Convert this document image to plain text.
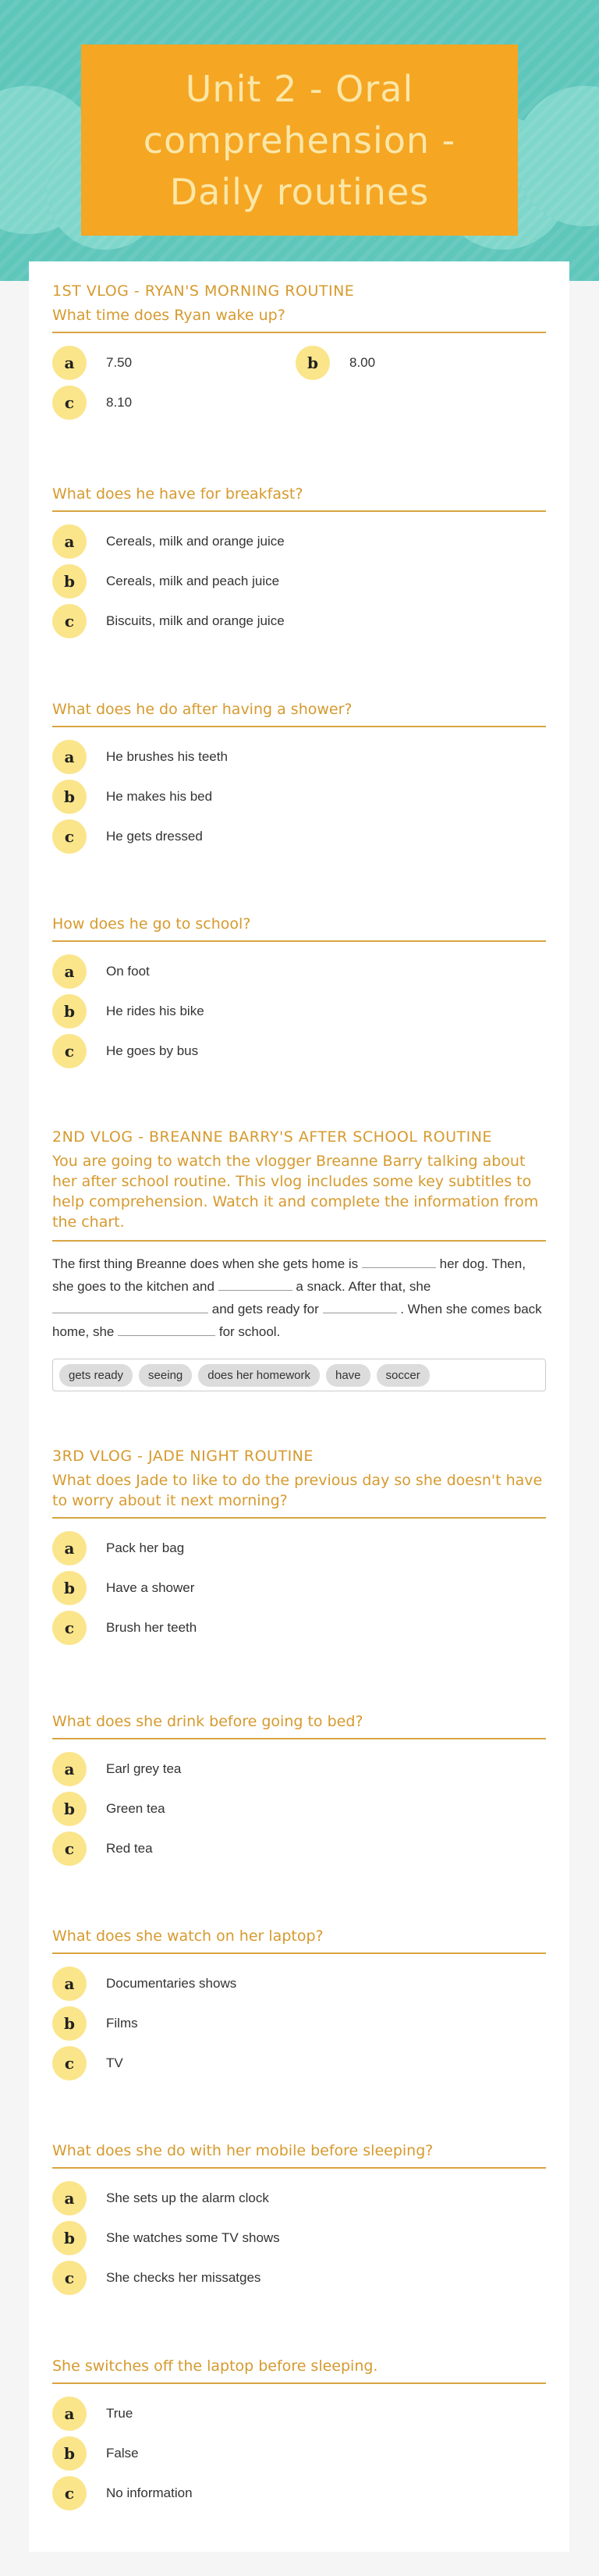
Unit 2 - Oral comprehension - Daily routines
1ST VLOG - RYAN'S MORNING ROUTINE
What time does Ryan wake up?
a	7.50	b	8.00
c	8.10
What does he have for breakfast?
a	Cereals, milk and orange juice
b	Cereals, milk and peach juice
c	Biscuits, milk and orange juice
What does he do after having a shower?
a	He brushes his teeth
b	He makes his bed
c	He gets dressed
How does he go to school?
a	On foot
b	He rides his bike
c	He goes by bus
2ND VLOG - BREANNE BARRY'S AFTER SCHOOL ROUTINE
You are going to watch the vlogger Breanne Barry talking about her after school routine. This vlog includes some key subtitles to help comprehension. Watch it and complete the information from the chart.
The first thing Breanne does when she gets home is	her dog. Then, she goes to the kitchen and	a snack. After that, she  and gets ready for	. When she comes back home, she	for school.
gets ready	seeing	does her homework	have	soccer
3RD VLOG - JADE NIGHT ROUTINE
What does Jade to like to do the previous day so she doesn't have to worry about it next morning?
a	Pack her bag
b	Have a shower
c	Brush her teeth
What does she drink before going to bed?
a	Earl grey tea
b	Green tea
c	Red tea
What does she watch on her laptop?
a	Documentaries shows
b	Films
c	TV
What does she do with her mobile before sleeping?
a	She sets up the alarm clock
b	She watches some TV shows
c	She checks her missatges
She switches off the laptop before sleeping.
a	True
b	False
c	No information
